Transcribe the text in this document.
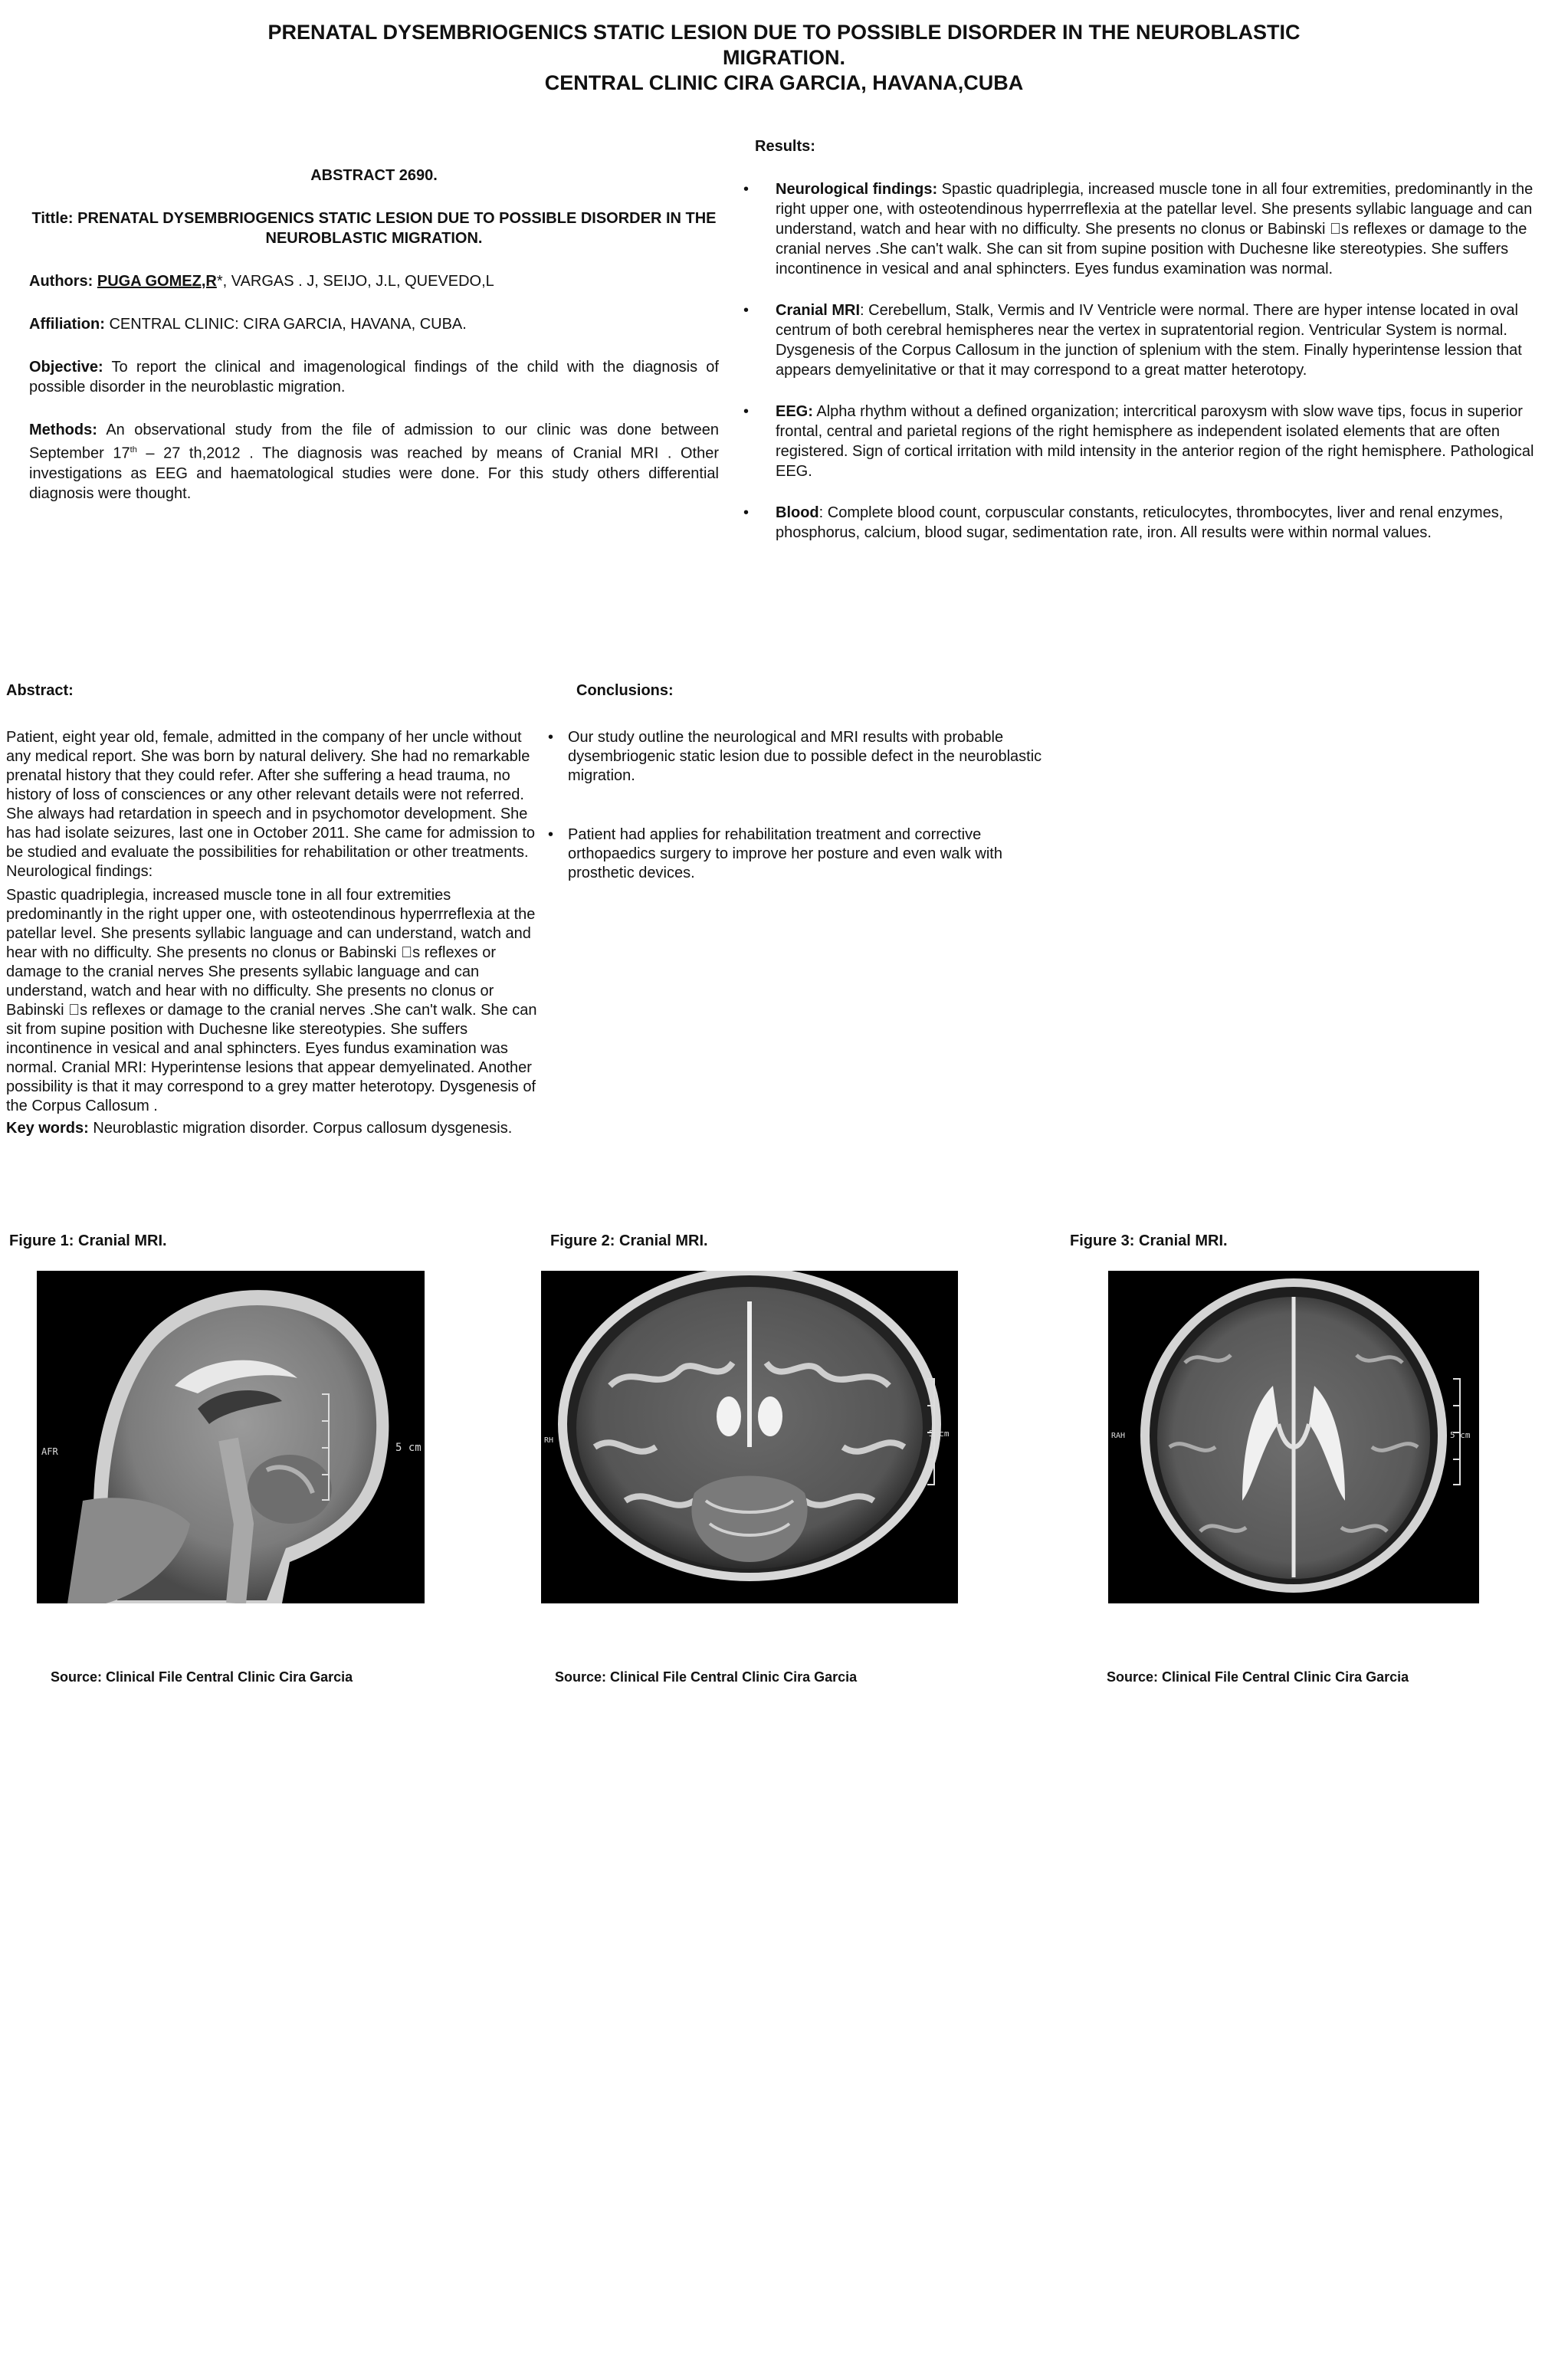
PRENATAL DYSEMBRIOGENICS STATIC LESION DUE TO POSSIBLE DISORDER IN THE NEUROBLASTIC
MIGRATION.
CENTRAL CLINIC CIRA GARCIA, HAVANA,CUBA
ABSTRACT 2690.
Tittle: PRENATAL DYSEMBRIOGENICS STATIC LESION DUE TO POSSIBLE DISORDER IN THE NEUROBLASTIC MIGRATION.
Authors: PUGA GOMEZ,R*, VARGAS . J, SEIJO, J.L, QUEVEDO,L
Affiliation: CENTRAL CLINIC: CIRA GARCIA, HAVANA, CUBA.
Objective: To report the clinical and imagenological findings of the child with the diagnosis of possible disorder in the neuroblastic migration.
Methods: An observational study from the file of admission to our clinic was done between September 17th – 27 th,2012 . The diagnosis was reached by means of Cranial MRI . Other investigations as EEG and haematological studies were done. For this study others differential diagnosis were thought.
Results:
• Neurological findings: Spastic quadriplegia, increased muscle tone in all four extremities, predominantly in the right upper one, with osteotendinous hyperrreflexia at the patellar level. She presents syllabic language and can understand, watch and hear with no difficulty. She presents no clonus or Babinski  s reflexes or damage to the cranial nerves .She can't walk. She can sit from supine position with Duchesne like stereotypies. She suffers incontinence in vesical and anal sphincters. Eyes fundus examination was normal.
• Cranial MRI: Cerebellum, Stalk, Vermis and IV Ventricle were normal. There are hyper intense located in oval centrum of both cerebral hemispheres near the vertex in supratentorial region. Ventricular System is normal. Dysgenesis of the Corpus Callosum in the junction of splenium with the stem. Finally hyperintense lession that appears demyelinitative or that it may correspond to a great matter heterotopy.
• EEG: Alpha rhythm without a defined organization; intercritical paroxysm with slow wave tips, focus in superior frontal, central and parietal regions of the right hemisphere as independent isolated elements that are often registered. Sign of cortical irritation with mild intensity in the anterior region of the right hemisphere. Pathological EEG.
• Blood: Complete blood count, corpuscular constants, reticulocytes, thrombocytes, liver and renal enzymes, phosphorus, calcium, blood sugar, sedimentation rate, iron. All results were within normal values.
Abstract:

Patient, eight year old, female, admitted in the company of her uncle without any medical report. She was born by natural delivery. She had no remarkable prenatal history that they could refer. After she suffering a head trauma, no history of loss of consciences or any other relevant details were not referred. She always had retardation in speech and in psychomotor development. She has had isolate seizures, last one in October 2011. She came for admission to be studied and evaluate the possibilities for rehabilitation or other treatments. Neurological findings:

Spastic quadriplegia, increased muscle tone in all four extremities predominantly in the right upper one, with osteotendinous hyperrreflexia at the patellar level. She presents syllabic language and can understand, watch and hear with no difficulty. She presents no clonus or Babinski  s reflexes or damage to the cranial nerves She presents syllabic language and can understand, watch and hear with no difficulty. She presents no clonus or Babinski  s reflexes or damage to the cranial nerves .She can't walk. She can sit from supine position with Duchesne like stereotypies. She suffers incontinence in vesical and anal sphincters. Eyes fundus examination was normal. Cranial MRI: Hyperintense lesions that appear demyelinated. Another possibility is that it may correspond to a grey matter heterotopy. Dysgenesis of the Corpus Callosum .

Key words: Neuroblastic migration disorder. Corpus callosum dysgenesis.

Conclusions:
• Our study outline the neurological and MRI results with probable dysembriogenic static lesion due to possible defect in the neuroblastic migration.
• Patient had applies for rehabilitation treatment and corrective orthopaedics surgery to improve her posture and even walk with prosthetic devices.
Figure 1: Cranial MRI.	Figure 2: Cranial MRI.	Figure 3: Cranial MRI.
5 cm
AFR
5 cm
RH
5 cm
RAH
Source: Clinical File Central Clinic Cira Garcia	Source: Clinical File Central Clinic Cira Garcia	Source: Clinical File Central Clinic Cira Garcia
